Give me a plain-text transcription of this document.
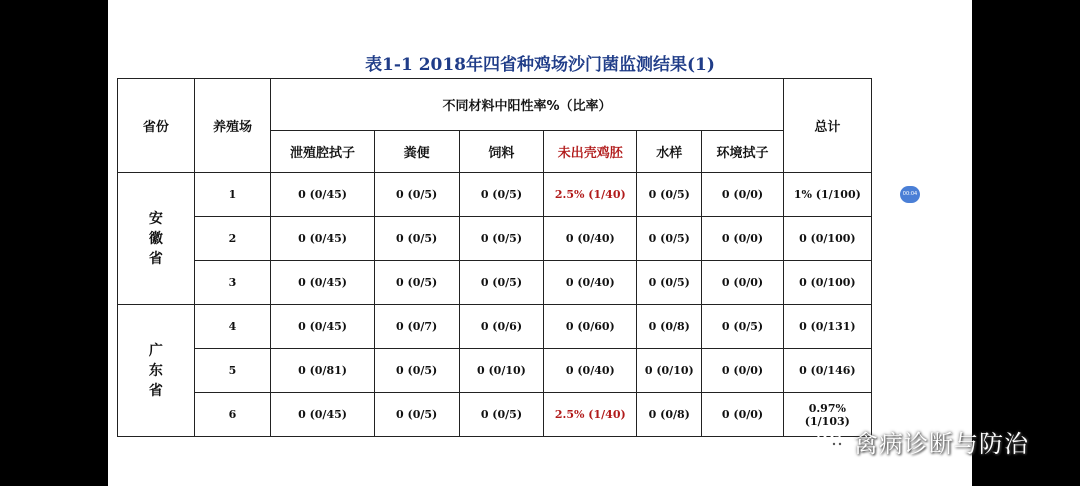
表1-1 2018年四省种鸡场沙门菌监测结果(1)
省份	养殖场	不同材料中阳性率%（比率）						总计
		泄殖腔拭子	粪便	饲料	未出壳鸡胚	水样	环境拭子	
安徽省	1	0 (0/45)	0 (0/5)	0 (0/5)	2.5% (1/40)	0 (0/5)	0 (0/0)	1% (1/100)
	2	0 (0/45)	0 (0/5)	0 (0/5)	0 (0/40)	0 (0/5)	0 (0/0)	0 (0/100)
	3	0 (0/45)	0 (0/5)	0 (0/5)	0 (0/40)	0 (0/5)	0 (0/0)	0 (0/100)
广东省	4	0 (0/45)	0 (0/7)	0 (0/6)	0 (0/60)	0 (0/8)	0 (0/5)	0 (0/131)
	5	0 (0/81)	0 (0/5)	0 (0/10)	0 (0/40)	0 (0/10)	0 (0/0)	0 (0/146)
	6	0 (0/45)	0 (0/5)	0 (0/5)	2.5% (1/40)	0 (0/8)	0 (0/0)	0.97% (1/103)
00:04
禽病诊断与防治
